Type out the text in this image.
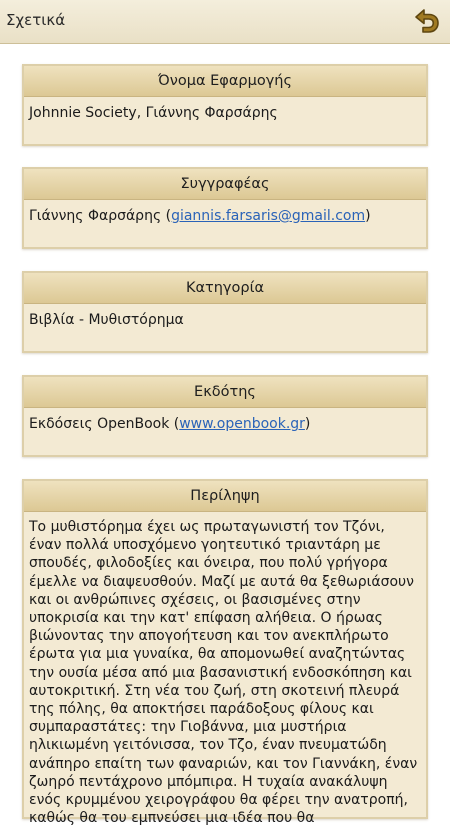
Σχετικά
Όνομα Εφαρμογής
Johnnie Society, Γιάννης Φαρσάρης
Συγγραφέας
Γιάννης Φαρσάρης (giannis.farsaris@gmail.com)
Κατηγορία
Βιβλία - Μυθιστόρημα
Εκδότης
Εκδόσεις OpenBook (www.openbook.gr)
Περίληψη
Το μυθιστόρημα έχει ως πρωταγωνιστή τον Τζόνι, έναν πολλά υποσχόμενο γοητευτικό τριαντάρη με σπουδές, φιλοδοξίες και όνειρα, που πολύ γρήγορα έμελλε να διαψευσθούν. Μαζί με αυτά θα ξεθωριάσουν και οι ανθρώπινες σχέσεις, οι βασισμένες στην υποκρισία και την κατ' επίφαση αλήθεια. Ο ήρωας βιώνοντας την απογοήτευση και τον ανεκπλήρωτο έρωτα για μια γυναίκα, θα απομονωθεί αναζητώντας την ουσία μέσα από μια βασανιστική ενδοσκόπηση και αυτοκριτική. Στη νέα του ζωή, στη σκοτεινή πλευρά της πόλης, θα αποκτήσει παράδοξους φίλους και συμπαραστάτες: την Γιοβάννα, μια μυστήρια ηλικιωμένη γειτόνισσα, τον Τζο, έναν πνευματώδη ανάπηρο επαίτη των φαναριών, και τον Γιαννάκη, έναν ζωηρό πεντάχρονο μπόμπιρα. Η τυχαία ανακάλυψη ενός κρυμμένου χειρογράφου θα φέρει την ανατροπή, καθώς θα του εμπνεύσει μια ιδέα που θα
